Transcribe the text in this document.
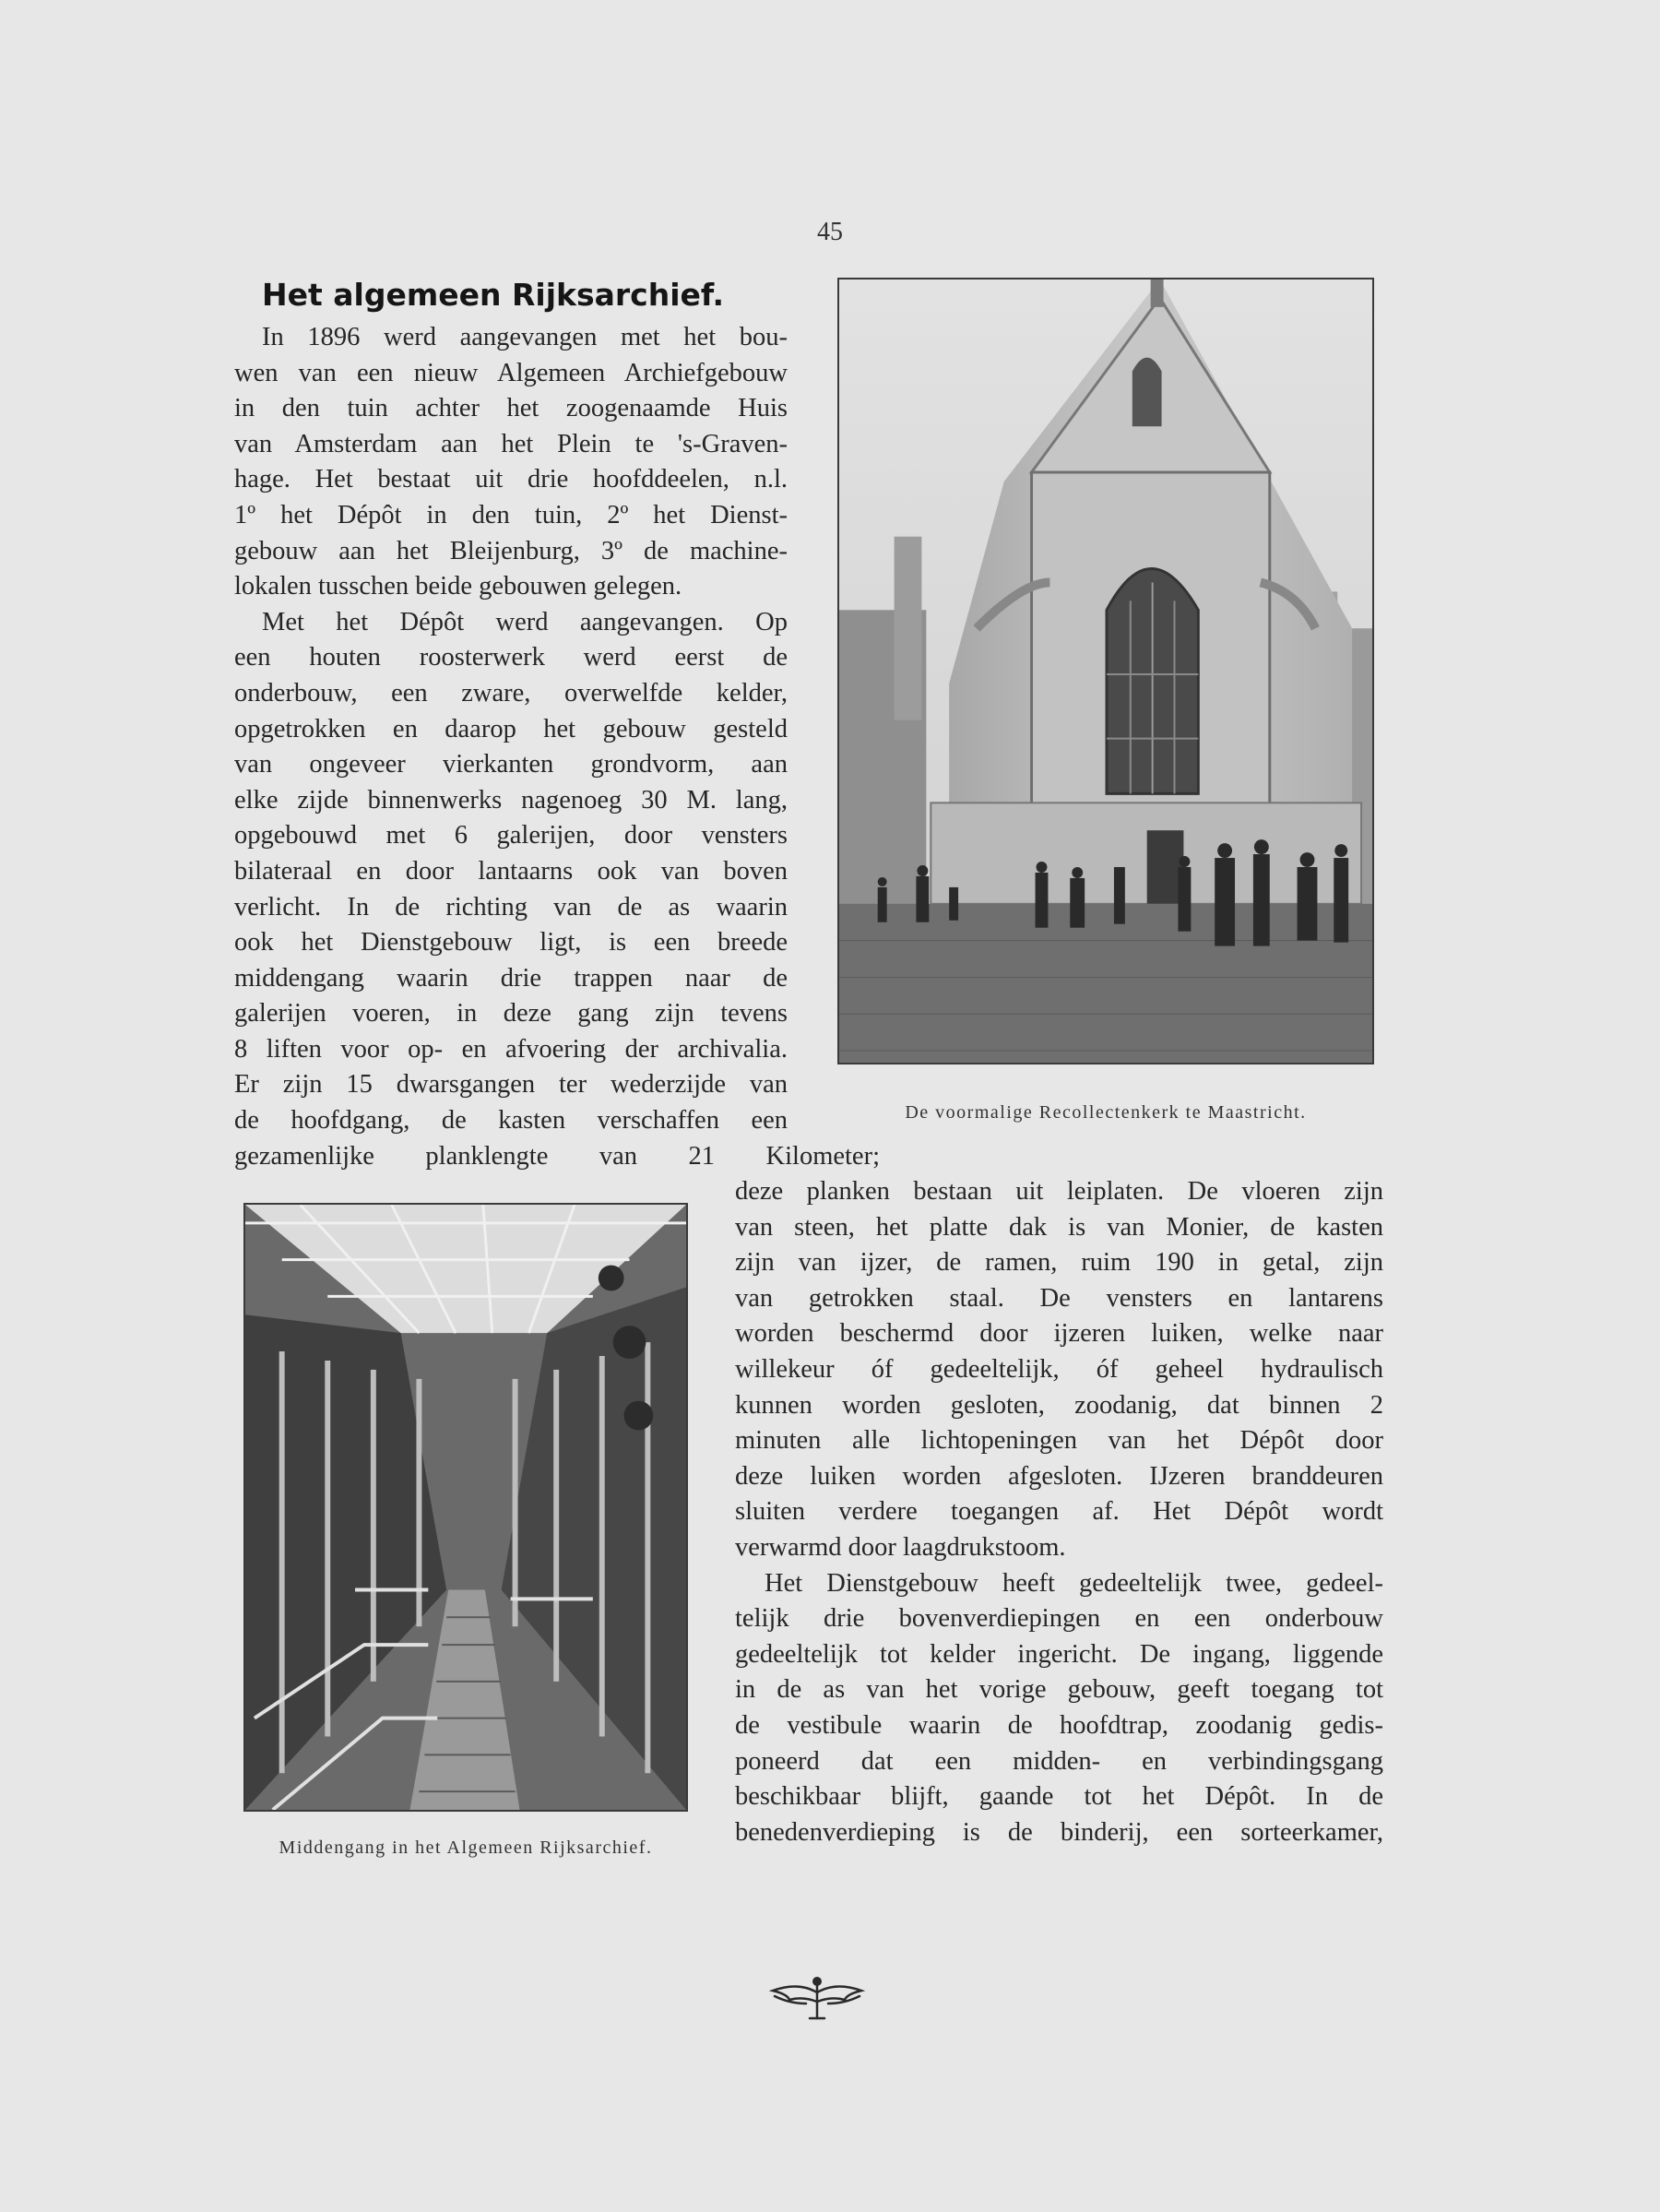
45
Het algemeen Rijksarchief.
In 1896 werd aangevangen met het bou-
wen van een nieuw Algemeen Archiefgebouw
in den tuin achter het zoogenaamde Huis
van Amsterdam aan het Plein te 's-Graven-
hage. Het bestaat uit drie hoofddeelen, n.l.
1º het Dépôt in den tuin, 2º het Dienst-
gebouw aan het Bleijenburg, 3º de machine-
lokalen tusschen beide gebouwen gelegen.
Met het Dépôt werd aangevangen. Op
een houten roosterwerk werd eerst de
onderbouw, een zware, overwelfde kelder,
opgetrokken en daarop het gebouw gesteld
van ongeveer vierkanten grondvorm, aan
elke zijde binnenwerks nagenoeg 30 M. lang,
opgebouwd met 6 galerijen, door vensters
bilateraal en door lantaarns ook van boven
verlicht. In de richting van de as waarin
ook het Dienstgebouw ligt, is een breede
middengang waarin drie trappen naar de
galerijen voeren, in deze gang zijn tevens
8 liften voor op- en afvoering der archivalia.
Er zijn 15 dwarsgangen ter wederzijde van
de hoofdgang, de kasten verschaffen een
gezamenlijke planklengte van 21 Kilometer;
De voormalige Recollectenkerk te Maastricht.
Middengang in het Algemeen Rijksarchief.
deze planken bestaan uit leiplaten. De vloeren zijn
van steen, het platte dak is van Monier, de kasten
zijn van ijzer, de ramen, ruim 190 in getal, zijn
van getrokken staal. De vensters en lantarens
worden beschermd door ijzeren luiken, welke naar
willekeur óf gedeeltelijk, óf geheel hydraulisch
kunnen worden gesloten, zoodanig, dat binnen 2
minuten alle lichtopeningen van het Dépôt door
deze luiken worden afgesloten. IJzeren branddeuren
sluiten verdere toegangen af. Het Dépôt wordt
verwarmd door laagdrukstoom.
Het Dienstgebouw heeft gedeeltelijk twee, gedeel-
telijk drie bovenverdiepingen en een onderbouw
gedeeltelijk tot kelder ingericht. De ingang, liggende
in de as van het vorige gebouw, geeft toegang tot
de vestibule waarin de hoofdtrap, zoodanig gedis-
poneerd dat een midden- en verbindingsgang
beschikbaar blijft, gaande tot het Dépôt. In de
benedenverdieping is de binderij, een sorteerkamer,
